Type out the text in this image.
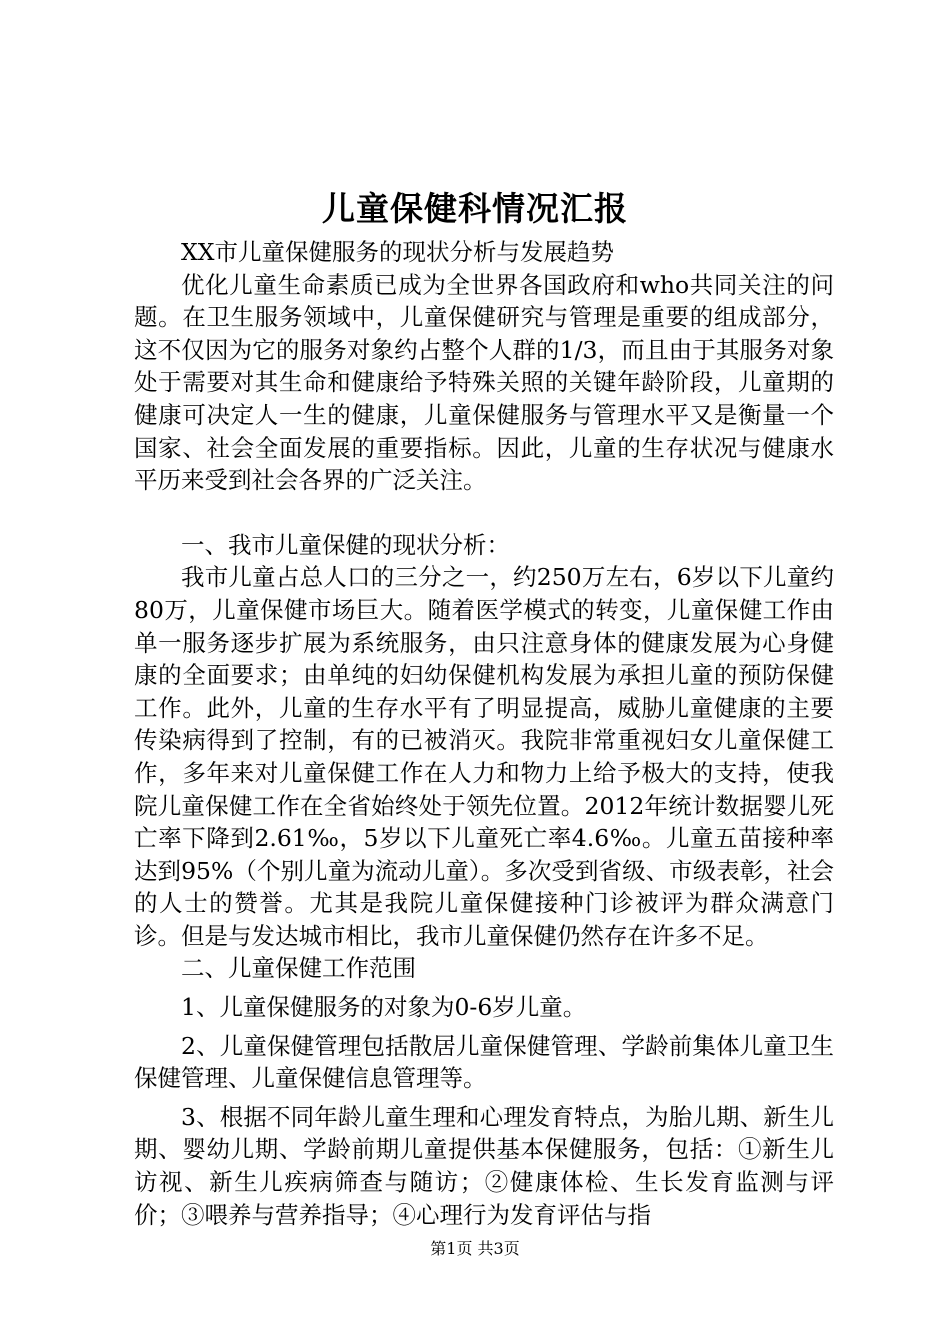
儿童保健科情况汇报
XX市儿童保健服务的现状分析与发展趋势

优化儿童生命素质已成为全世界各国政府和who共同关注的问题。在卫生服务领域中，儿童保健研究与管理是重要的组成部分，这不仅因为它的服务对象约占整个人群的1/3，而且由于其服务对象处于需要对其生命和健康给予特殊关照的关键年龄阶段，儿童期的健康可决定人一生的健康，儿童保健服务与管理水平又是衡量一个国家、社会全面发展的重要指标。因此，儿童的生存状况与健康水平历来受到社会各界的广泛关注。

一、我市儿童保健的现状分析：

我市儿童占总人口的三分之一，约250万左右，6岁以下儿童约80万，儿童保健市场巨大。随着医学模式的转变，儿童保健工作由单一服务逐步扩展为系统服务，由只注意身体的健康发展为心身健康的全面要求；由单纯的妇幼保健机构发展为承担儿童的预防保健工作。此外，儿童的生存水平有了明显提高，威胁儿童健康的主要传染病得到了控制，有的已被消灭。我院非常重视妇女儿童保健工作，多年来对儿童保健工作在人力和物力上给予极大的支持，使我院儿童保健工作在全省始终处于领先位置。2012年统计数据婴儿死亡率下降到2.61‰，5岁以下儿童死亡率4.6‰。儿童五苗接种率达到95%（个别儿童为流动儿童）。多次受到省级、市级表彰，社会的人士的赞誉。尤其是我院儿童保健接种门诊被评为群众满意门诊。但是与发达城市相比，我市儿童保健仍然存在许多不足。

二、儿童保健工作范围

1、儿童保健服务的对象为0-6岁儿童。

2、儿童保健管理包括散居儿童保健管理、学龄前集体儿童卫生保健管理、儿童保健信息管理等。

3、根据不同年龄儿童生理和心理发育特点，为胎儿期、新生儿期、婴幼儿期、学龄前期儿童提供基本保健服务，包括：①新生儿访视、新生儿疾病筛查与随访；②健康体检、生长发育监测与评价；③喂养与营养指导；④心理行为发育评估与指

第1页 共3页
